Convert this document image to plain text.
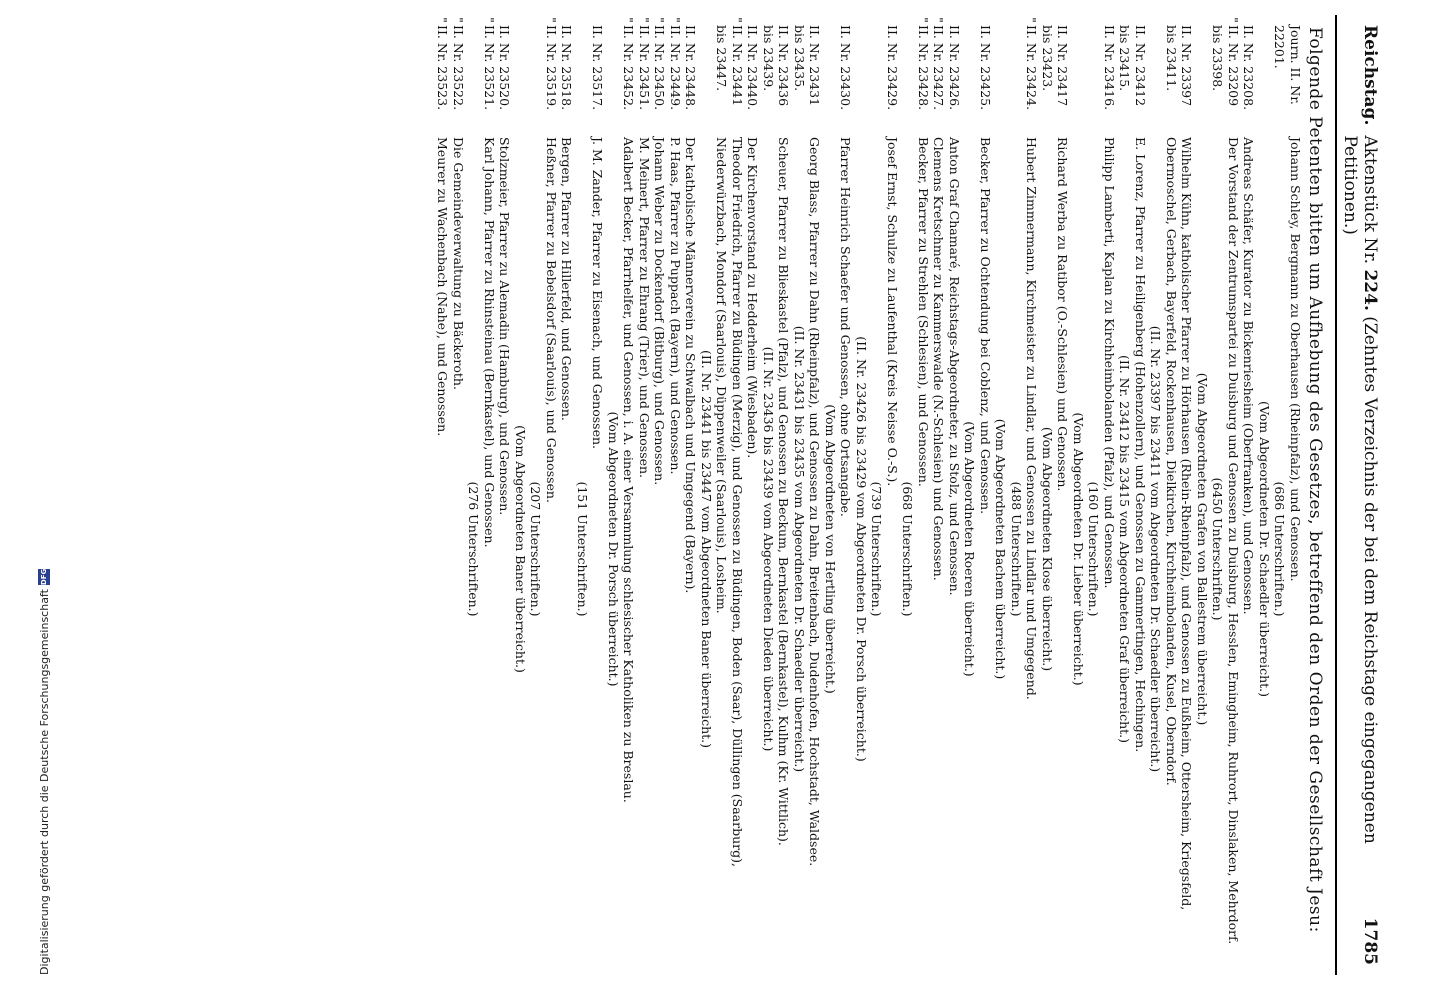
Reichstag.
Aktenstück Nr. 224. (Zehntes Verzeichnis der bei dem Reichstage eingegangenen Petitionen.)
1785
Folgende Petenten bitten um Aufhebung des Gesetzes, betreffend den Orden der Gesellschaft Jesu:
Journ. II. Nr. 22201.
Johann Schley, Bergmann zu Oberhausen (Rheinpfalz), und Genossen.
(686 Unterschriften.)
(Vom Abgeordneten Dr. Schaedler überreicht.)
II. Nr. 23208.
Andreas Schäfer, Kurator zu Bickenriesheim (Oberfranken), und Genossen.
"
II. Nr. 23209
bis 23398.
Der Vorstand der Zentrumspartei zu Duisburg und Genossen zu Duisburg, Hesslen, Emingheim, Ruhrort, Dinslaken, Mehrdorf.
(6450 Unterschriften.)
(Vom Abgeordneten Grafen von Ballestrem überreicht.)
II. Nr. 23397
bis 23411.
Wilhelm Kühn, katholischer Pfarrer zu Hörhausen (Rhein-Rheinpfalz), und Genossen zu Eußheim, Ottersheim, Kriegsfeld, Obermoschel, Gerbach, Bayerfeld, Rockenhausen, Dielkirchen, Kirchheimbolanden, Kusel, Oberndorf.
(II. Nr. 23397 bis 23411 vom Abgeordneten Dr. Schaedler überreicht.)
II. Nr. 23412
bis 23415.
E. Lorenz, Pfarrer zu Heiligenberg (Hohenzollern), und Genossen zu Gammertingen, Hechingen.
(II. Nr. 23412 bis 23415 vom Abgeordneten Graf überreicht.)
II. Nr. 23416.
Philipp Lamberti, Kaplan zu Kirchheimbolanden (Pfalz), und Genossen.
(160 Unterschriften.)
(Vom Abgeordneten Dr. Lieber überreicht.)
II. Nr. 23417
bis 23423.
Richard Werba zu Ratibor (O.-Schlesien) und Genossen.
(Vom Abgeordneten Klose überreicht.)
"
II. Nr. 23424.
Hubert Zimmermann, Kirchmeister zu Lindlar, und Genossen zu Lindlar und Umgegend.
(488 Unterschriften.)
(Vom Abgeordneten Bachem überreicht.)
II. Nr. 23425.
Becker, Pfarrer zu Ochtendung bei Coblenz, und Genossen.
(Vom Abgeordneten Roeren überreicht.)
II. Nr. 23426.
Anton Graf Chamaré, Reichstags-Abgeordneter, zu Stolz, und Genossen.
"
II. Nr. 23427.
Clemens Kretschmer zu Kammerswalde (N.-Schlesien) und Genossen.
"
II. Nr. 23428.
Becker, Pfarrer zu Strehlen (Schlesien), und Genossen.
(668 Unterschriften.)
II. Nr. 23429.
Josef Ernst, Schulze zu Laufenthal (Kreis Neisse O.-S.).
(739 Unterschriften.)
(II. Nr. 23426 bis 23429 vom Abgeordneten Dr. Porsch überreicht.)
II. Nr. 23430.
Pfarrer Heinrich Schaefer und Genossen, ohne Ortsangabe.
(Vom Abgeordneten von Hertling überreicht.)
II. Nr. 23431
bis 23435.
Georg Blass, Pfarrer zu Dahn (Rheinpfalz), und Genossen zu Dahn, Breitenbach, Dudenhofen, Hochstadt, Waldsee.
(II. Nr. 23431 bis 23435 vom Abgeordneten Dr. Schaedler überreicht.)
II. Nr. 23436
bis 23439.
Scheuer, Pfarrer zu Blieskastel (Pfalz), und Genossen zu Beckum, Bernkastel (Bernkastel), Kulhm (Kr. Wittlich).
(II. Nr. 23436 bis 23439 vom Abgeordneten Dieden überreicht.)
II. Nr. 23440.
Der Kirchenvorstand zu Hedderheim (Wiesbaden).
"
II. Nr. 23441
bis 23447.
Theodor Friedrich, Pfarrer zu Büdingen (Merzig), und Genossen zu Büdingen, Boden (Saar), Düllingen (Saarburg), Niederwürzbach, Mondorf (Saarlouis), Düppenweiler (Saarlouis), Losheim.
(II. Nr. 23441 bis 23447 vom Abgeordneten Baner überreicht.)
II. Nr. 23448.
Der katholische Männerverein zu Schwalbach und Umgegend (Bayern).
"
II. Nr. 23449.
P. Haas, Pfarrer zu Puppach (Bayern), und Genossen.
"
II. Nr. 23450.
Johann Weber zu Dockendorf (Bitburg), und Genossen.
"
II. Nr. 23451.
M. Meinert, Pfarrer zu Ehrang (Trier), und Genossen.
"
II. Nr. 23452.
Adalbert Becker, Pfarrhelfer, und Genossen, i. A. einer Versammlung schlesischer Katholiken zu Breslau.
(Vom Abgeordneten Dr. Porsch überreicht.)
II. Nr. 23517.
J. M. Zander, Pfarrer zu Eisenach, und Genossen.
(151 Unterschriften.)
II. Nr. 23518.
Bergen, Pfarrer zu Hillerfeld, und Genossen.
"
II. Nr. 23519.
Heßner, Pfarrer zu Bebelsdorf (Saarlouis), und Genossen.
(207 Unterschriften.)
(Vom Abgeordneten Baner überreicht.)
II. Nr. 23520.
Stolzmeier, Pfarrer zu Alemadin (Hamburg), und Genossen.
"
II. Nr. 23521.
Karl Johann, Pfarrer zu Rhinsteinau (Bernkastel), und Genossen.
(276 Unterschriften.)
"
II. Nr. 23522.
Die Gemeindeverwaltung zu Bäckeroth.
"
II. Nr. 23523.
Meurer zu Wachenbach (Nahe), und Genossen.
Digitalisierung gefördert durch die Deutsche Forschungsgemeinschaft
DFG
